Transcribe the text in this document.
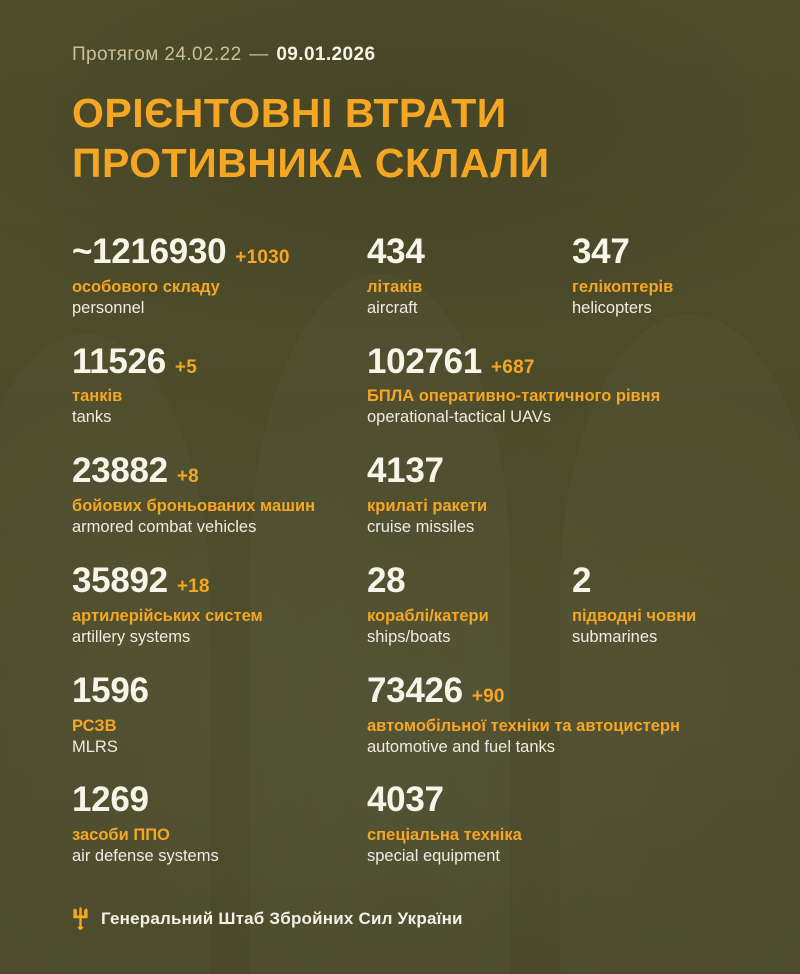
Протягом 24.02.22 — 09.01.2026
ОРІЄНТОВНІ ВТРАТИ
ПРОТИВНИКА СКЛАЛИ
~1216930 +1030
особового складу
personnel
434
літаків
aircraft
347
гелікоптерів
helicopters
11526 +5
танків
tanks
102761 +687
БПЛА оперативно-тактичного рівня
operational-tactical UAVs
23882 +8
бойових броньованих машин
armored combat vehicles
4137
крилаті ракети
cruise missiles
35892 +18
артилерійських систем
artillery systems
28
кораблі/катери
ships/boats
2
підводні човни
submarines
1596
РСЗВ
MLRS
73426 +90
автомобільної техніки та автоцистерн
automotive and fuel tanks
1269
засоби ППО
air defense systems
4037
спеціальна техніка
special equipment
Генеральний Штаб Збройних Сил України
